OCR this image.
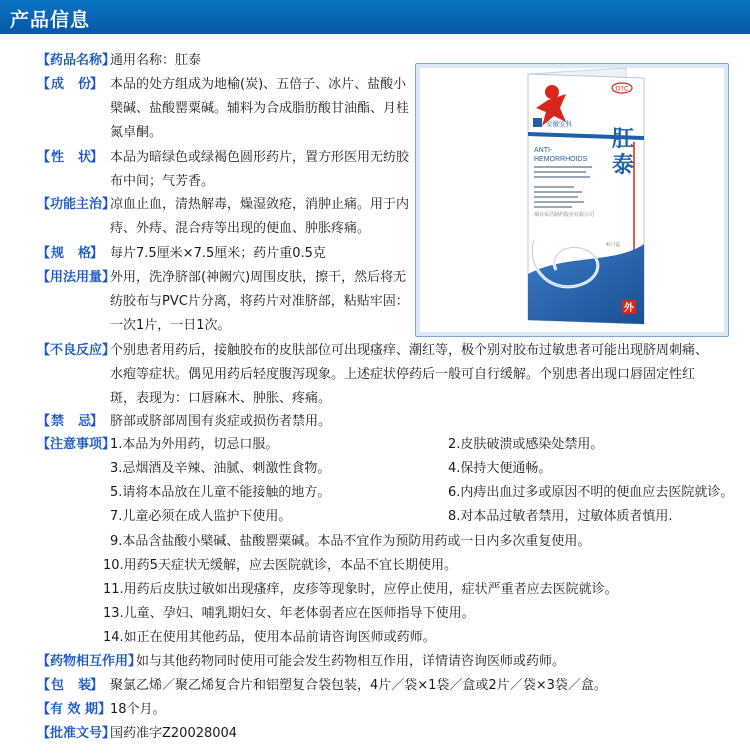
产品信息
【药品名称】
通用名称：肛泰
【 成 份
】 本品的处方组成为地榆(炭)、五倍子、冰片、盐酸小檗碱、盐酸罂粟碱。辅料为合成脂肪酸甘油酯、月桂氮卓酮。
【 性 状
】 本品为暗绿色或绿褐色圆形药片，置方形医用无纺胶布中间；气芳香。
【功能主治】
凉血止血，清热解毒，燥湿敛疮，消肿止痛。用于内痔、外痔、混合痔等出现的便血、肿胀疼痛。
【 规 格
】 每片7.5厘米×7.5厘米；药片重0.5克
【用法用量】
外用，洗净脐部(神阙穴)周围皮肤，擦干，然后将无
纺胶布与PVC片分离，将药片对准脐部，粘贴牢固：
一次1片，一日1次。
【不良反应】
个别患者用药后，接触胶布的皮肤部位可出现瘙痒、潮红等，极个别对胶布过敏患者可能出现脐周刺痛、
水疱等症状。偶见用药后轻度腹泻现象。上述症状停药后一般可自行缓解。个别患者出现口唇固定性红
斑，表现为：口唇麻木、肿胀、疼痛。
【 禁 忌
】 脐部或脐部周围有炎症或损伤者禁用。
【注意事项】
1.本品为外用药，切忌口服。
3.忌烟酒及辛辣、油腻、刺激性食物。
5.请将本品放在儿童不能接触的地方。
7.儿童必须在成人监护下使用。
2.皮肤破溃或感染处禁用。
4.保持大便通畅。
6.内痔出血过多或原因不明的便血应去医院就诊。
8.对本品过敏者禁用，过敏体质者慎用.
9.本品含盐酸小檗碱、盐酸罂粟碱。本品不宜作为预防用药或一日内多次重复使用。
10.用药5天症状无缓解，应去医院就诊，本品不宜长期使用。
11.用药后皮肤过敏如出现瘙痒，皮疹等现象时，应停止使用，症状严重者应去医院就诊。
13.儿童、孕妇、哺乳期妇女、年老体弱者应在医师指导下使用。
14.如正在使用其他药品，使用本品前请咨询医师或药师。
【药物相互作用】
如与其他药物同时使用可能会发生药物相互作用，详情请咨询医师或药师。
【 包 装
】 聚氯乙烯／聚乙烯复合片和铝塑复合袋包装，4片／袋×1袋／盒或2片／袋×3袋／盒。
【有 效 期】
18个月。
【批准文号】
国药准字Z20028004
OTC
安徽安科
ANTI-
HEMORRHOIDS
烟台荣昌制药股份有限公司
肛
泰
4片/盒
外
